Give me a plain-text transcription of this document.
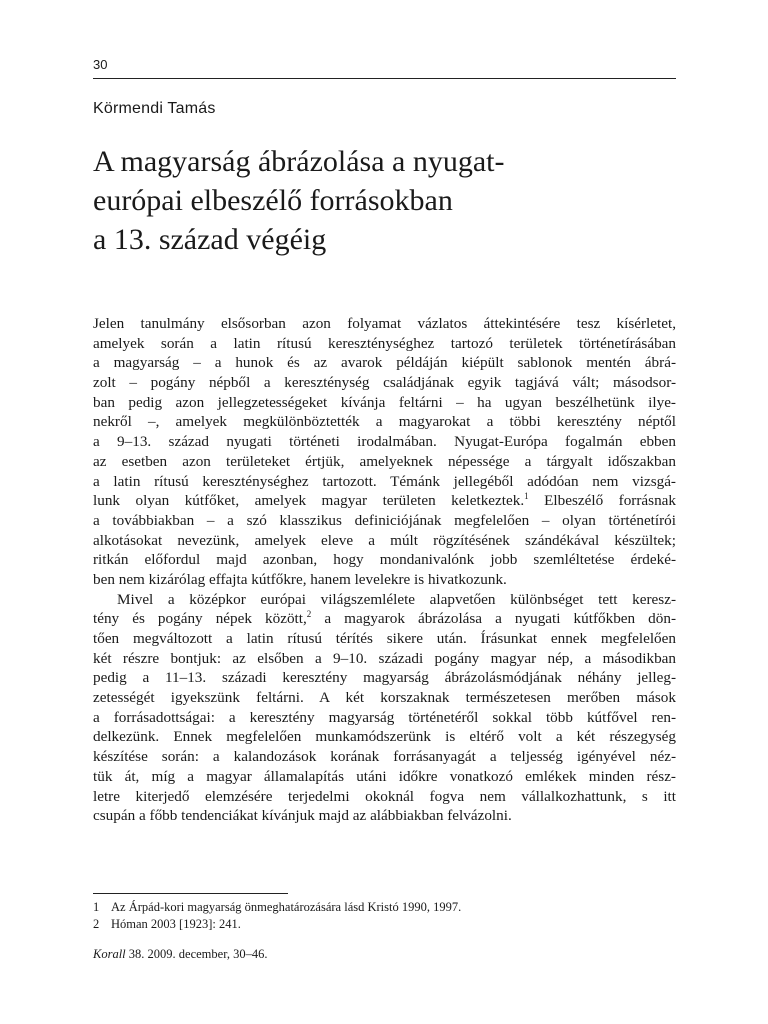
30
Körmendi Tamás
A magyarság ábrázolása a nyugat-
európai elbeszélő forrásokban
a 13. század végéig
Jelen tanulmány elsősorban azon folyamat vázlatos áttekintésére tesz kísérletet,
amelyek során a latin rítusú kereszténységhez tartozó területek történetírásában
a magyarság – a hunok és az avarok példáján kiépült sablonok mentén ábrá-
zolt – pogány népből a kereszténység családjának egyik tagjává vált; másodsor-
ban pedig azon jellegzetességeket kívánja feltárni – ha ugyan beszélhetünk ilye-
nekről –, amelyek megkülönböztették a magyarokat a többi keresztény néptől
a 9–13. század nyugati történeti irodalmában. Nyugat-Európa fogalmán ebben
az esetben azon területeket értjük, amelyeknek népessége a tárgyalt időszakban
a latin rítusú kereszténységhez tartozott. Témánk jellegéből adódóan nem vizsgá-
lunk olyan kútfőket, amelyek magyar területen keletkeztek.$^1$ Elbeszélő forrásnak
a továbbiakban – a szó klasszikus definiciójának megfelelően – olyan történetírói
alkotásokat nevezünk, amelyek eleve a múlt rögzítésének szándékával készültek;
ritkán előfordul majd azonban, hogy mondanivalónk jobb szemléltetése érdeké-
ben nem kizárólag effajta kútfőkre, hanem levelekre is hivatkozunk.
Mivel a középkor európai világszemlélete alapvetően különbséget tett keresz-
tény és pogány népek között,$^2$ a magyarok ábrázolása a nyugati kútfőkben dön-
tően megváltozott a latin rítusú térítés sikere után. Írásunkat ennek megfelelően
két részre bontjuk: az elsőben a 9–10. századi pogány magyar nép, a másodikban
pedig a 11–13. századi keresztény magyarság ábrázolásmódjának néhány jelleg-
zetességét igyekszünk feltárni. A két korszaknak természetesen merőben mások
a forrásadottságai: a keresztény magyarság történetéről sokkal több kútfővel ren-
delkezünk. Ennek megfelelően munkamódszerünk is eltérő volt a két részegység
készítése során: a kalandozások korának forrásanyagát a teljesség igényével néz-
tük át, míg a magyar államalapítás utáni időkre vonatkozó emlékek minden rész-
letre kiterjedő elemzésére terjedelmi okoknál fogva nem vállalkozhattunk, s itt
csupán a főbb tendenciákat kívánjuk majd az alábbiakban felvázolni.
1 Az Árpád-kori magyarság önmeghatározására lásd Kristó 1990, 1997.
2 Hóman 2003 [1923]: 241.
Korall 38. 2009. december, 30–46.
